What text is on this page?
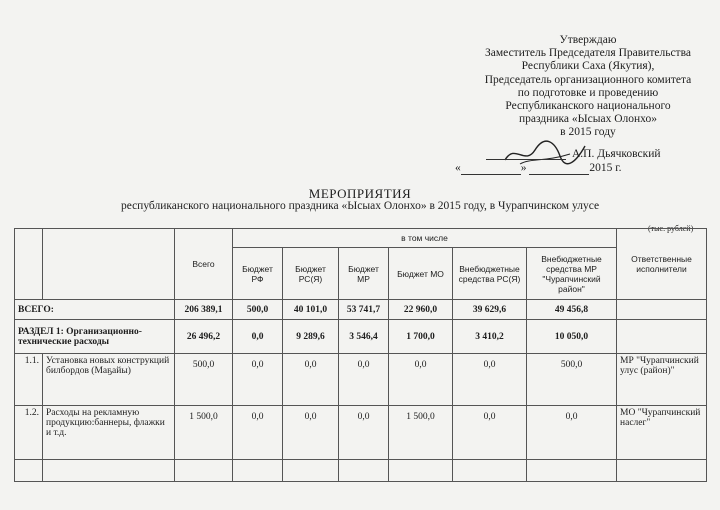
Утверждаю
Заместитель Председателя Правительства
Республики Саха (Якутия),
Председатель организационного комитета
по подготовке и проведению
Республиканского национального
праздника «Ысыах Олонхо»
в 2015 году
А.П. Дьячковский
«	»	2015 г.
МЕРОПРИЯТИЯ
республиканского национального праздника «Ысыах Олонхо» в 2015 году, в Чурапчинском улусе
(тыс. рублей)
		Всего	в том числе						Ответственные исполнители
			Бюджет РФ	Бюджет РС(Я)	Бюджет МР	Бюджет МО	Внебюджетные средства РС(Я)	Внебюджетные средства МР "Чурапчинский район"	
ВСЕГО:		206 389,1	500,0	40 101,0	53 741,7	22 960,0	39 629,6	49 456,8	
РАЗДЕЛ 1: Организационно-технические расходы		26 496,2	0,0	9 289,6	3 546,4	1 700,0	3 410,2	10 050,0	
1.1.	Установка новых конструкций билбордов (Маҕайы)	500,0	0,0	0,0	0,0	0,0	0,0	500,0	МР "Чурапчинский улус (район)"
1.2.	Расходы на рекламную продукцию:баннеры, флажки и т.д.	1 500,0	0,0	0,0	0,0	1 500,0	0,0	0,0	МО "Чурапчинский наслег"
